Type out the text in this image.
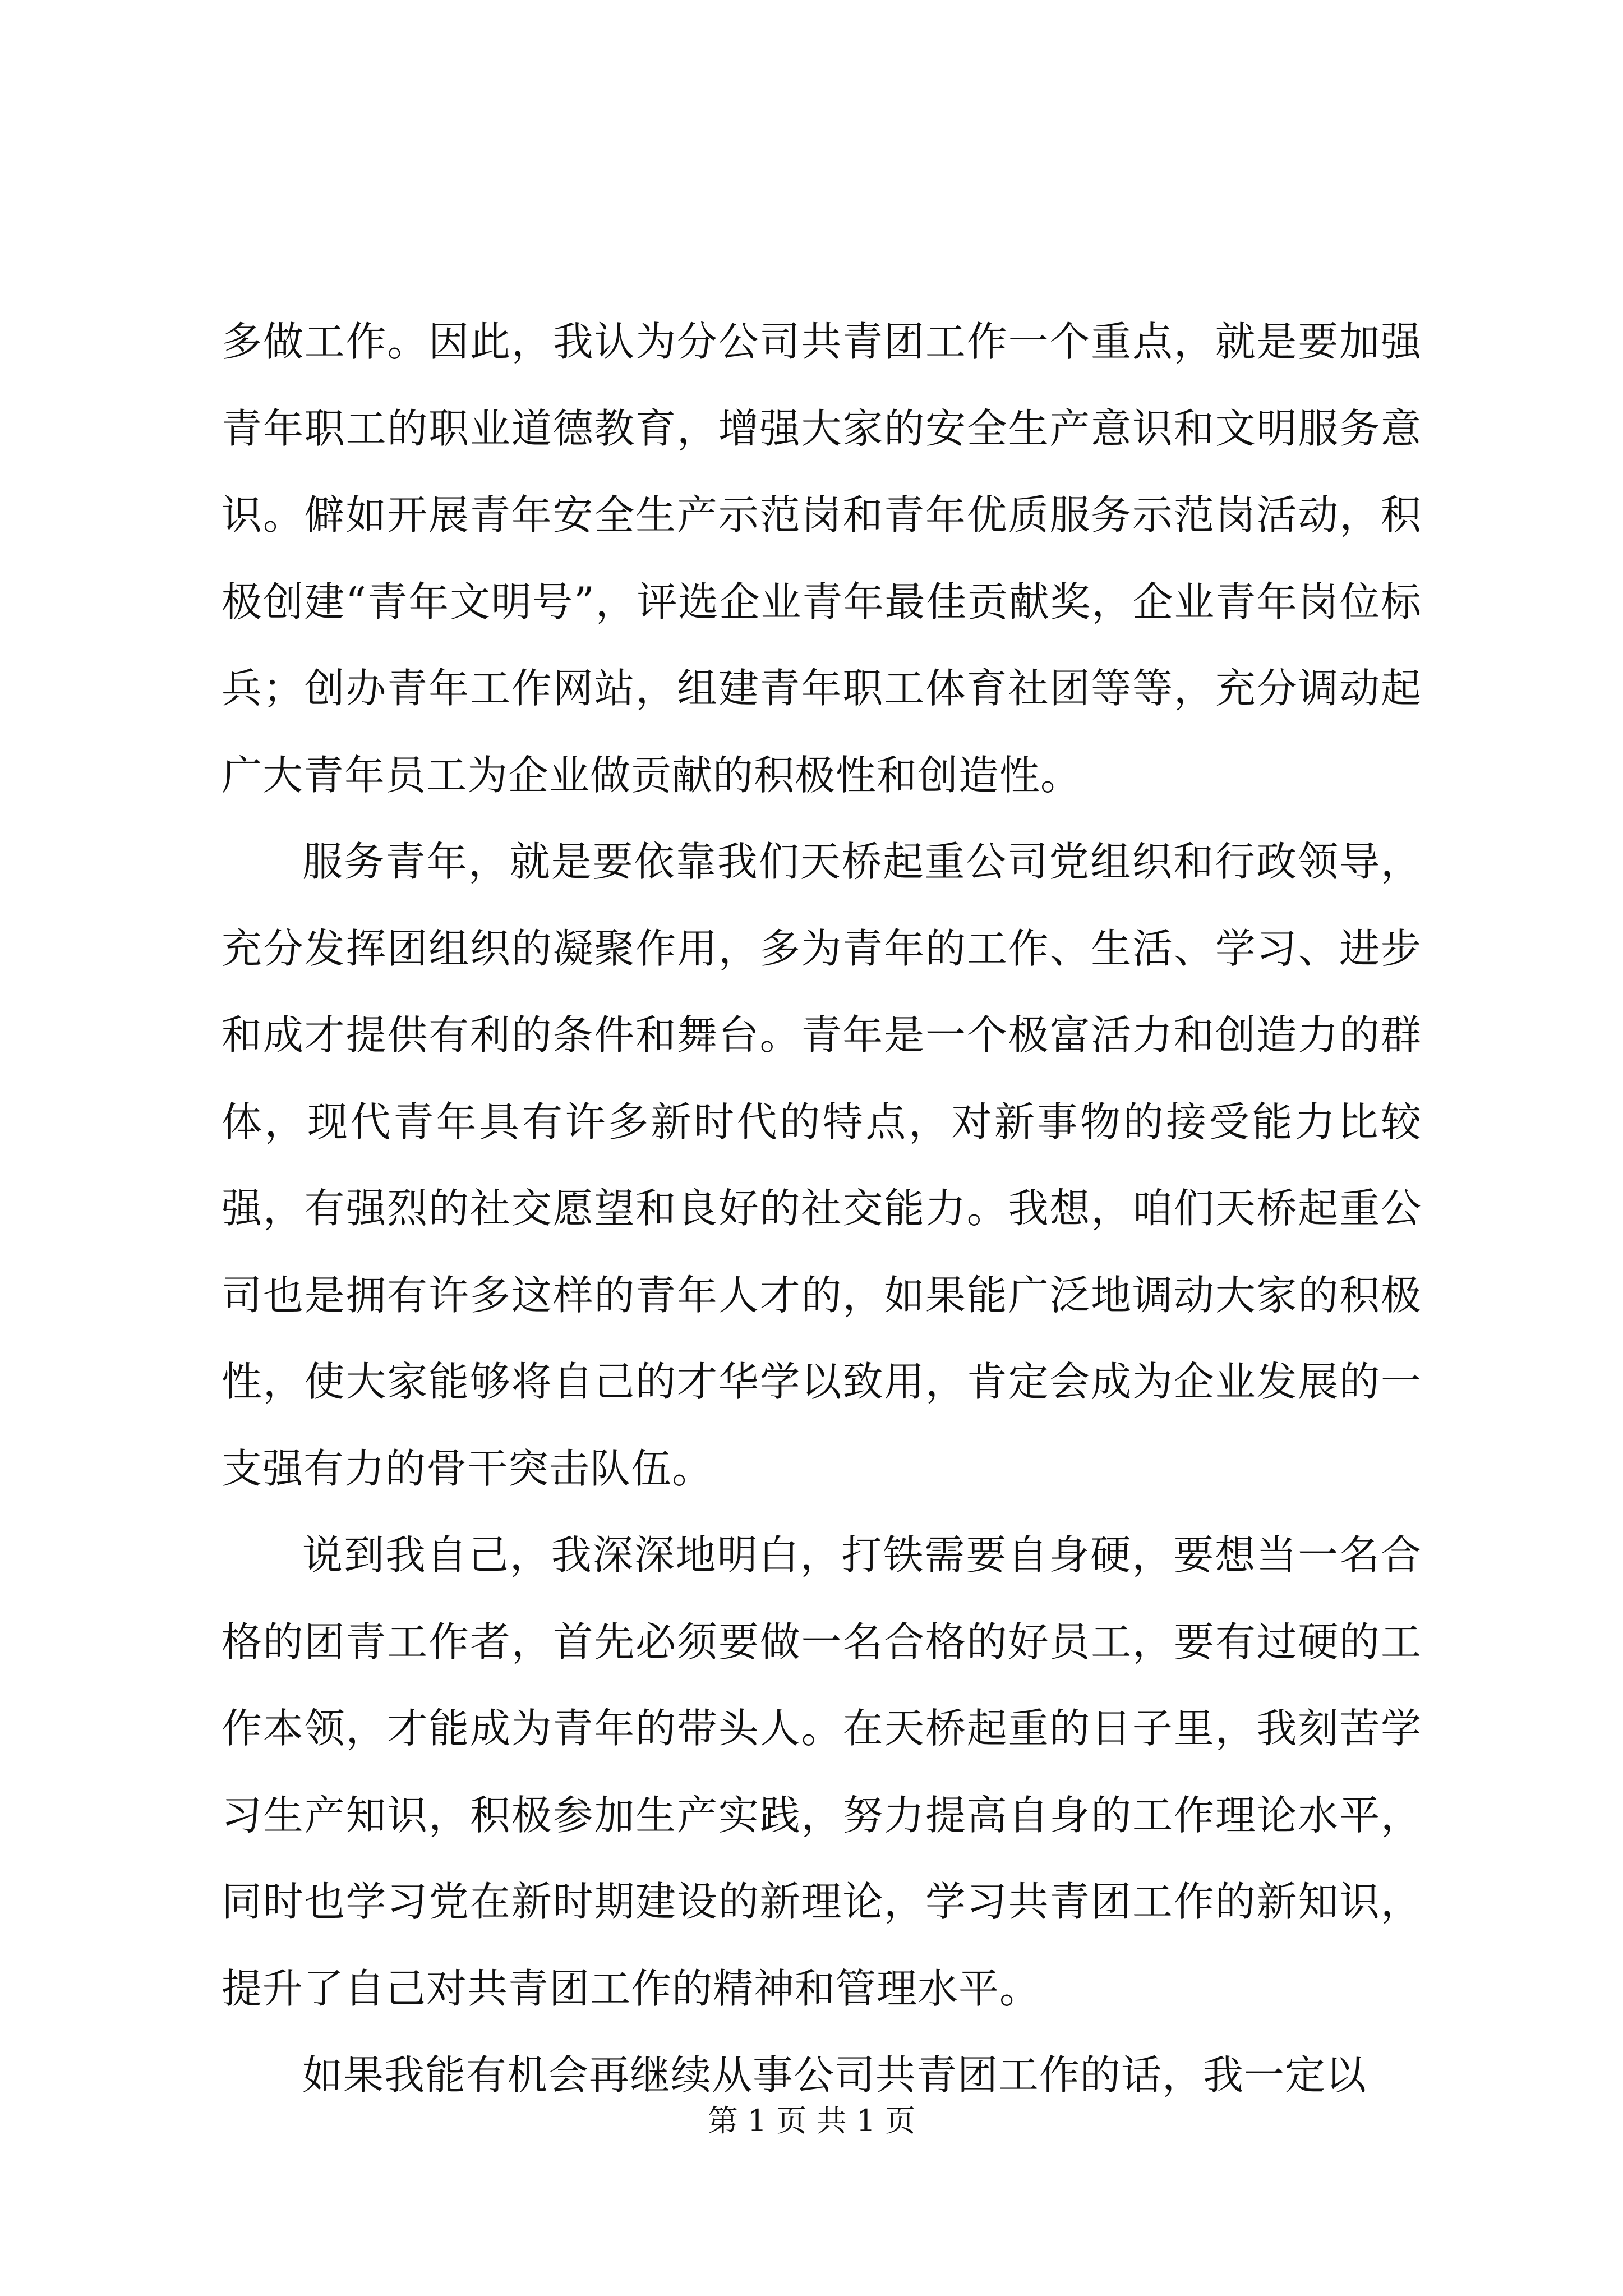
多做工作。因此，我认为分公司共青团工作一个重点，就是要加强青年职工的职业道德教育，增强大家的安全生产意识和文明服务意识。僻如开展青年安全生产示范岗和青年优质服务示范岗活动，积极创建“青年文明号”，评选企业青年最佳贡献奖，企业青年岗位标兵；创办青年工作网站，组建青年职工体育社团等等，充分调动起广大青年员工为企业做贡献的积极性和创造性。

服务青年，就是要依靠我们天桥起重公司党组织和行政领导，充分发挥团组织的凝聚作用，多为青年的工作、生活、学习、进步和成才提供有利的条件和舞台。青年是一个极富活力和创造力的群体，现代青年具有许多新时代的特点，对新事物的接受能力比较强，有强烈的社交愿望和良好的社交能力。我想，咱们天桥起重公司也是拥有许多这样的青年人才的，如果能广泛地调动大家的积极性，使大家能够将自己的才华学以致用，肯定会成为企业发展的一支强有力的骨干突击队伍。

说到我自己，我深深地明白，打铁需要自身硬，要想当一名合格的团青工作者，首先必须要做一名合格的好员工，要有过硬的工作本领，才能成为青年的带头人。在天桥起重的日子里，我刻苦学习生产知识，积极参加生产实践，努力提高自身的工作理论水平，同时也学习党在新时期建设的新理论，学习共青团工作的新知识，提升了自己对共青团工作的精神和管理水平。

如果我能有机会再继续从事公司共青团工作的话，我一定以

第 1 页 共 1 页
